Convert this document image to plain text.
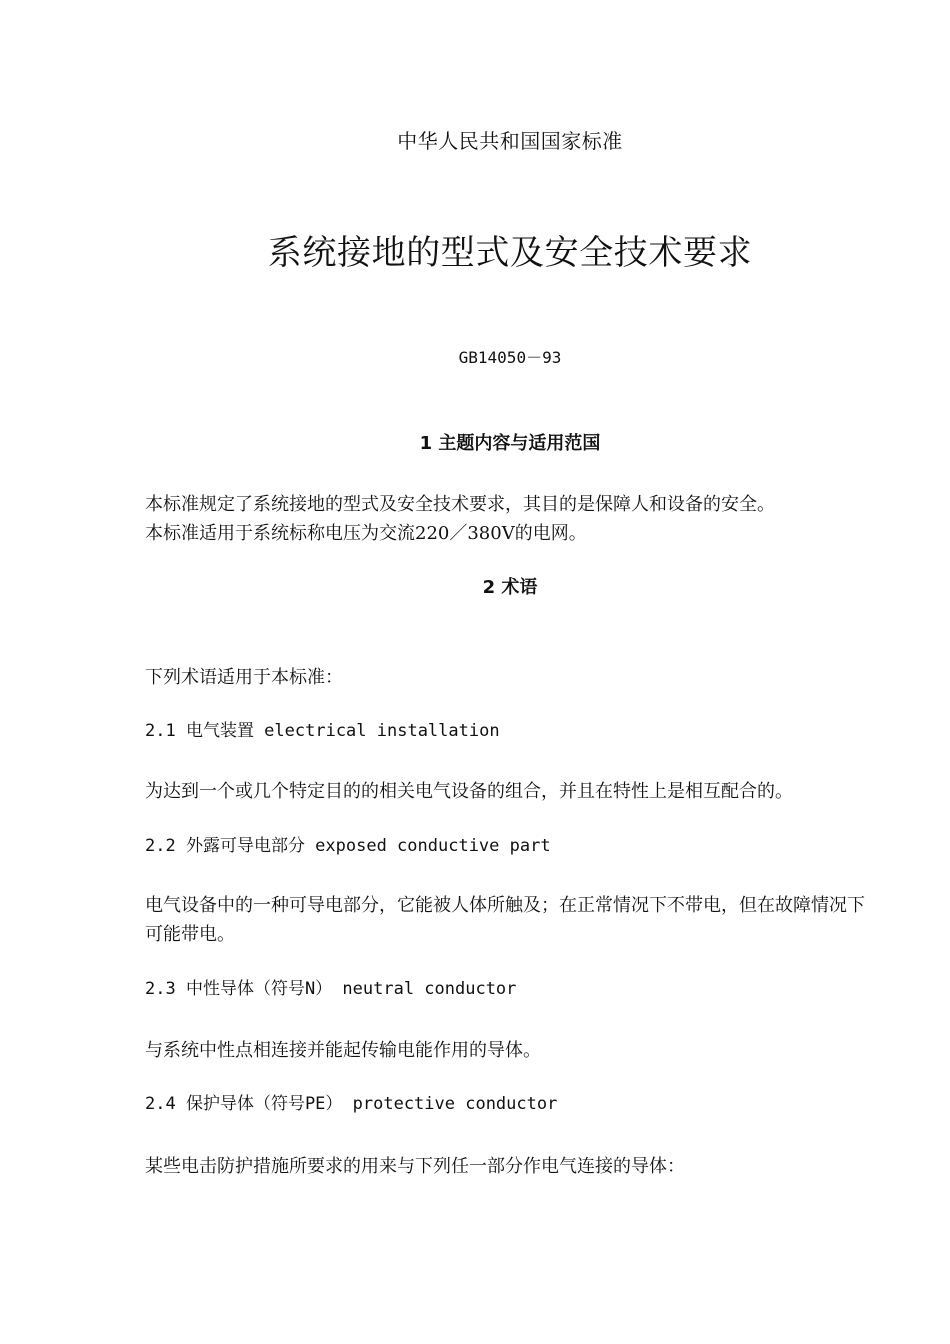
中华人民共和国国家标准
系统接地的型式及安全技术要求
GB14050－93
1 主题内容与适用范国
本标准规定了系统接地的型式及安全技术要求，其目的是保障人和设备的安全。
本标准适用于系统标称电压为交流220／380V的电网。
2 术语
下列术语适用于本标准：
2.1 电气装置 electrical installation
为达到一个或几个特定目的的相关电气设备的组合，并且在特性上是相互配合的。
2.2 外露可导电部分 exposed conductive part
电气设备中的一种可导电部分，它能被人体所触及；在正常情况下不带电，但在故障情况下可能带电。
2.3 中性导体（符号N） neutral conductor
与系统中性点相连接并能起传输电能作用的导体。
2.4 保护导体（符号PE） protective conductor
某些电击防护措施所要求的用来与下列任一部分作电气连接的导体：
